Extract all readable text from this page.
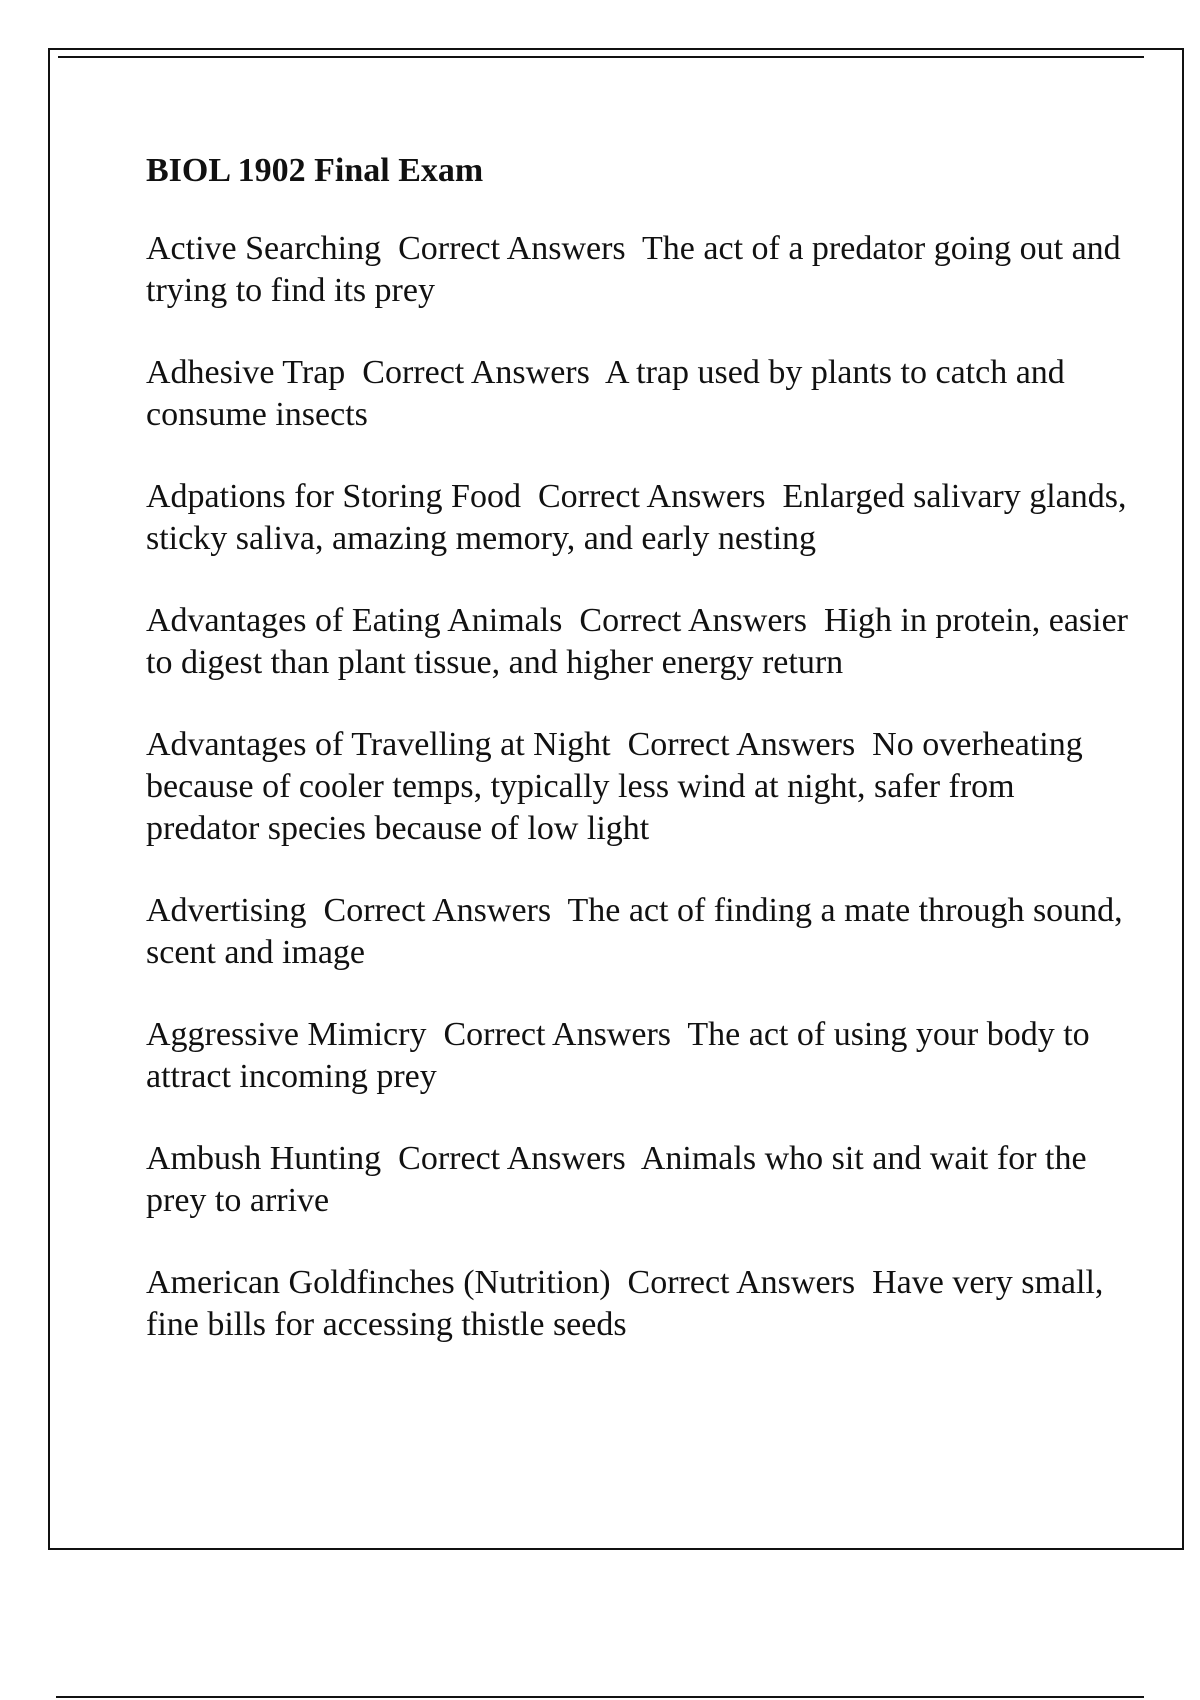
BIOL 1902 Final Exam
Active Searching  Correct Answers  The act of a predator going out and trying to find its prey
Adhesive Trap  Correct Answers  A trap used by plants to catch and consume insects
Adpations for Storing Food  Correct Answers  Enlarged salivary glands, sticky saliva, amazing memory, and early nesting
Advantages of Eating Animals  Correct Answers  High in protein, easier to digest than plant tissue, and higher energy return
Advantages of Travelling at Night  Correct Answers  No overheating because of cooler temps, typically less wind at night, safer from predator species because of low light
Advertising  Correct Answers  The act of finding a mate through sound, scent and image
Aggressive Mimicry  Correct Answers  The act of using your body to attract incoming prey
Ambush Hunting  Correct Answers  Animals who sit and wait for the prey to arrive
American Goldfinches (Nutrition)  Correct Answers  Have very small, fine bills for accessing thistle seeds
